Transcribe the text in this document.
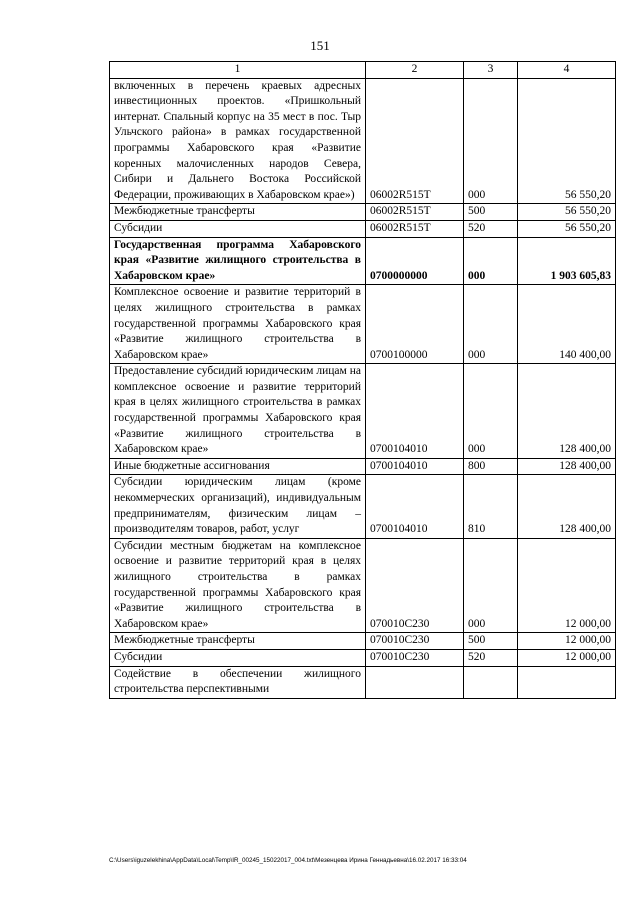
151
1	2	3	4
включенных в перечень краевых адресных инвестиционных проектов. «Пришкольный интернат. Спальный корпус на 35 мест в пос. Тыр Ульчского района» в рамках государственной программы Хабаровского края «Развитие коренных малочисленных народов Севера, Сибири и Дальнего Востока Российской Федерации, проживающих в Хабаровском крае»)	06002R515T	000	56 550,20
Межбюджетные трансферты	06002R515T	500	56 550,20
Субсидии	06002R515T	520	56 550,20
Государственная программа Хабаровского края «Развитие жилищного строительства в Хабаровском крае»	0700000000	000	1 903 605,83
Комплексное освоение и развитие территорий в целях жилищного строительства в рамках государственной программы Хабаровского края «Развитие жилищного строительства в Хабаровском крае»	0700100000	000	140 400,00
Предоставление субсидий юридическим лицам на комплексное освоение и развитие территорий края в целях жилищного строительства в рамках государственной программы Хабаровского края «Развитие жилищного строительства в Хабаровском крае»	0700104010	000	128 400,00
Иные бюджетные ассигнования	0700104010	800	128 400,00
Субсидии юридическим лицам (кроме некоммерческих организаций), индивидуальным предпринимателям, физическим лицам – производителям товаров, работ, услуг	0700104010	810	128 400,00
Субсидии местным бюджетам на комплексное освоение и развитие территорий края в целях жилищного строительства в рамках государственной программы Хабаровского края «Развитие жилищного строительства в Хабаровском крае»	070010С230	000	12 000,00
Межбюджетные трансферты	070010С230	500	12 000,00
Субсидии	070010С230	520	12 000,00
Содействие в обеспечении жилищного строительства перспективными			
C:\Users\iguzelekhina\AppData\Local\Temp\IR_00245_15022017_004.txt\Мезенцева Ирина Геннадьевна\16.02.2017 16:33:04
